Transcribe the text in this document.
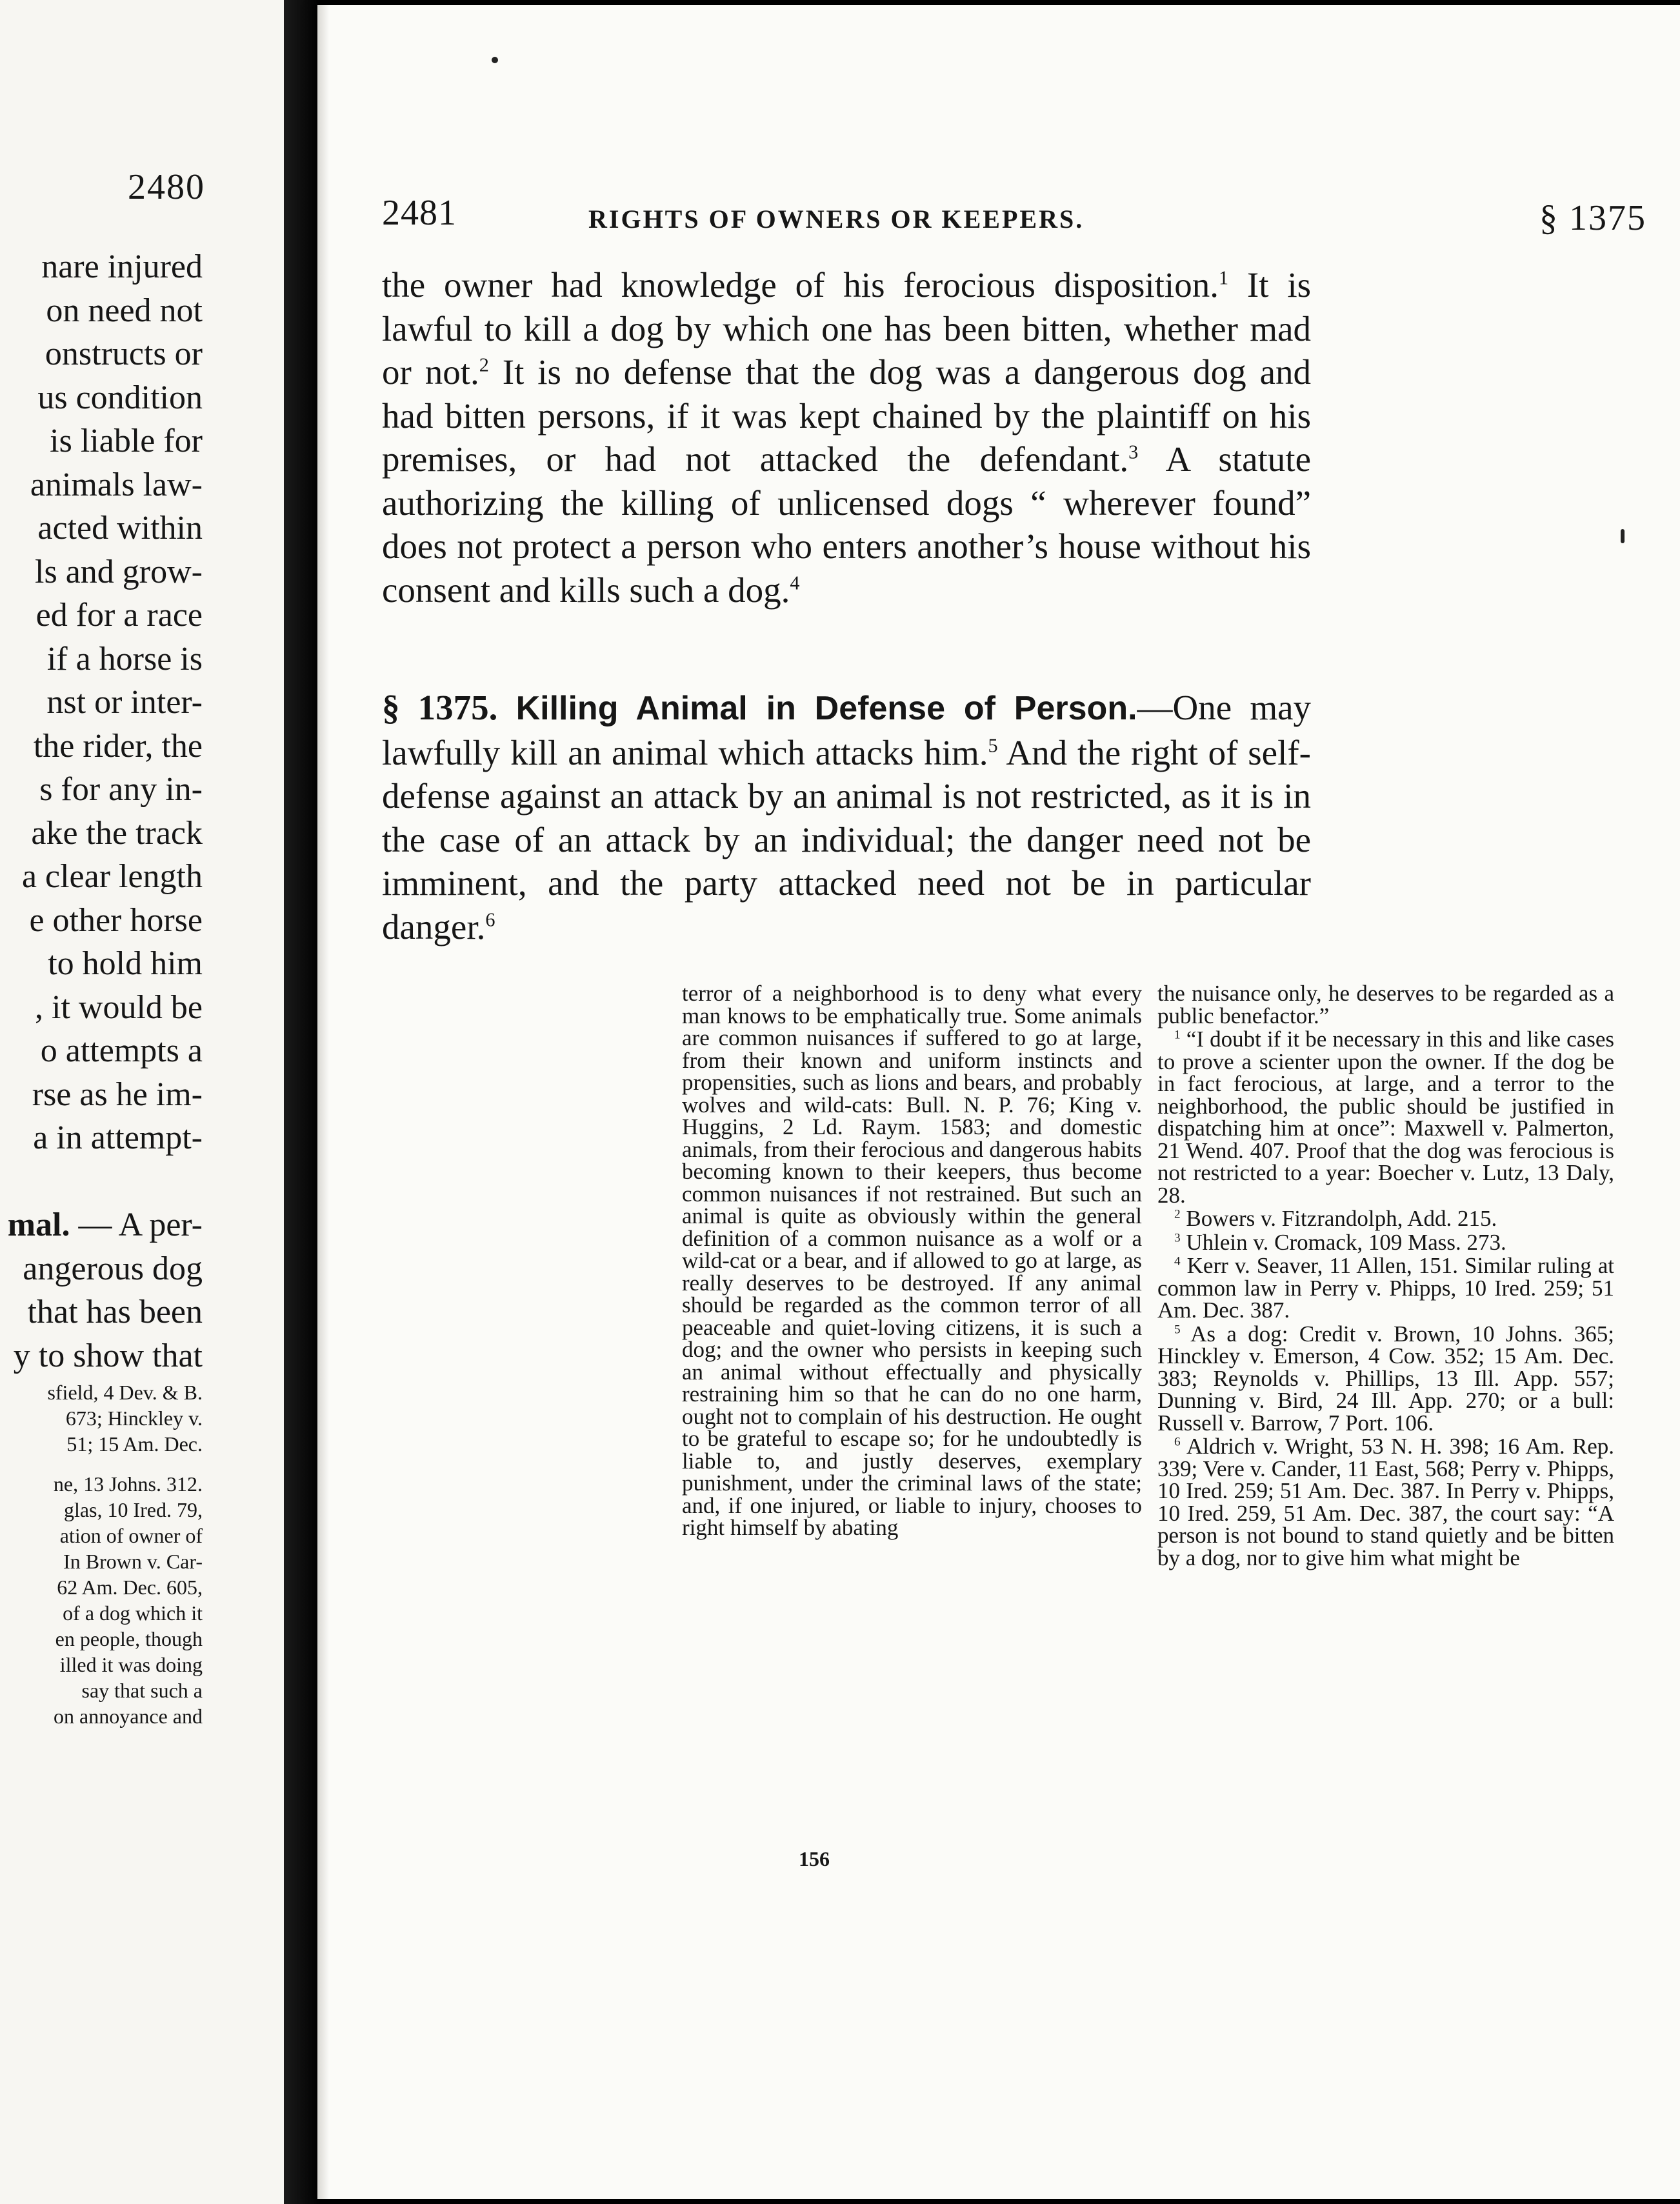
2480
nare injured
on need not
onstructs or
us condition
is liable for
animals law-
acted within
ls and grow-
ed for a race
if a horse is
nst or inter-
the rider, the
s for any in-
ake the track
a clear length
e other horse
to hold him
, it would be
o attempts a
rse as he im-
a in attempt-

mal. — A per-
angerous dog
that has been
y to show that
sfield, 4 Dev. & B.
673; Hinckley v.
51; 15 Am. Dec.
ne, 13 Johns. 312.
glas, 10 Ired. 79,
ation of owner of
In Brown v. Car-
62 Am. Dec. 605,
of a dog which it
en people, though
illed it was doing
say that such a
on annoyance and
2481	RIGHTS OF OWNERS OR KEEPERS.	§ 1375

the owner had knowledge of his ferocious disposition.$^1$ It is lawful to kill a dog by which one has been bitten, whether mad or not.$^2$ It is no defense that the dog was a dangerous dog and had bitten persons, if it was kept chained by the plaintiff on his premises, or had not attacked the defendant.$^3$ A statute authorizing the killing of unlicensed dogs “ wherever found” does not protect a person who enters another’s house without his consent and kills such a dog.$^4$

§ 1375. Killing Animal in Defense of Person.—One may lawfully kill an animal which attacks him.$^5$ And the right of self-defense against an attack by an animal is not restricted, as it is in the case of an attack by an individual; the danger need not be imminent, and the party attacked need not be in particular danger.$^6$

terror of a neighborhood is to deny what every man knows to be emphatically true. Some animals are common nuisances if suffered to go at large, from their known and uniform instincts and propensities, such as lions and bears, and probably wolves and wild-cats: Bull. N. P. 76; King v. Huggins, 2 Ld. Raym. 1583; and domestic animals, from their ferocious and dangerous habits becoming known to their keepers, thus become common nuisances if not restrained. But such an animal is quite as obviously within the general definition of a common nuisance as a wolf or a wild-cat or a bear, and if allowed to go at large, as really deserves to be destroyed. If any animal should be regarded as the common terror of all peaceable and quiet-loving citizens, it is such a dog; and the owner who persists in keeping such an animal without effectually and physically restraining him so that he can do no one harm, ought not to complain of his destruction. He ought to be grateful to escape so; for he undoubtedly is liable to, and justly deserves, exemplary punishment, under the criminal laws of the state; and, if one injured, or liable to injury, chooses to right himself by abating

the nuisance only, he deserves to be regarded as a public benefactor.”

$^1$ “I doubt if it be necessary in this and like cases to prove a scienter upon the owner. If the dog be in fact ferocious, at large, and a terror to the neighborhood, the public should be justified in dispatching him at once”: Maxwell v. Palmerton, 21 Wend. 407. Proof that the dog was ferocious is not restricted to a year: Boecher v. Lutz, 13 Daly, 28.

$^2$ Bowers v. Fitzrandolph, Add. 215.

$^3$ Uhlein v. Cromack, 109 Mass. 273.

$^4$ Kerr v. Seaver, 11 Allen, 151. Similar ruling at common law in Perry v. Phipps, 10 Ired. 259; 51 Am. Dec. 387.

$^5$ As a dog: Credit v. Brown, 10 Johns. 365; Hinckley v. Emerson, 4 Cow. 352; 15 Am. Dec. 383; Reynolds v. Phillips, 13 Ill. App. 557; Dunning v. Bird, 24 Ill. App. 270; or a bull: Russell v. Barrow, 7 Port. 106.

$^6$ Aldrich v. Wright, 53 N. H. 398; 16 Am. Rep. 339; Vere v. Cander, 11 East, 568; Perry v. Phipps, 10 Ired. 259; 51 Am. Dec. 387. In Perry v. Phipps, 10 Ired. 259, 51 Am. Dec. 387, the court say: “A person is not bound to stand quietly and be bitten by a dog, nor to give him what might be

156
